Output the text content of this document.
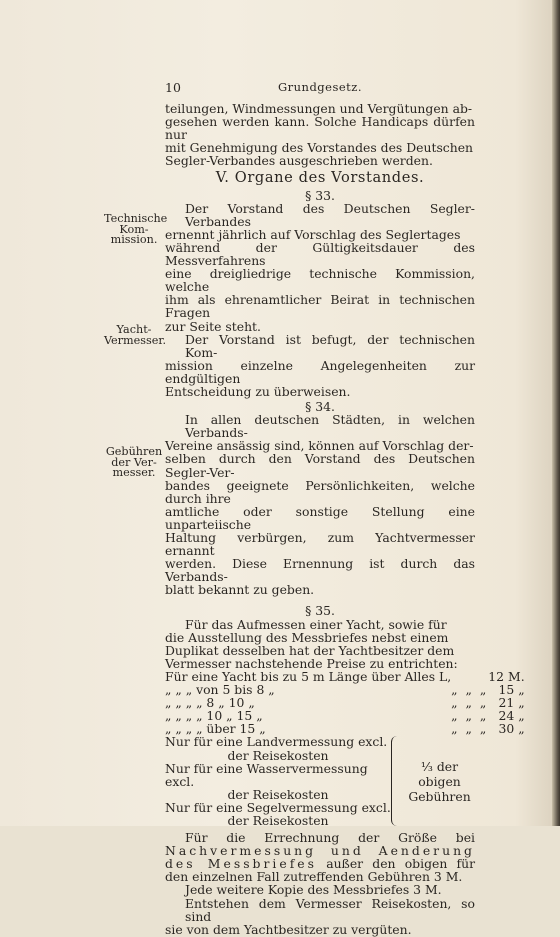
10	Grundgesetz.
Technische
Kom-
mission.
Yacht-
Vermesser.
Gebühren
der Ver-
messer.
teilungen, Windmessungen und Vergütungen ab-
gesehen werden kann. Solche Handicaps dürfen nur
mit Genehmigung des Vorstandes des Deutschen
Segler-Verbandes ausgeschrieben werden.
V. Organe des Vorstandes.
§ 33.
Der Vorstand des Deutschen Segler-Verbandes
ernennt jährlich auf Vorschlag des Seglertages
während der Gültigkeitsdauer des Messverfahrens
eine dreigliedrige technische Kommission, welche
ihm als ehrenamtlicher Beirat in technischen Fragen
zur Seite steht.
Der Vorstand ist befugt, der technischen Kom-
mission einzelne Angelegenheiten zur endgültigen
Entscheidung zu überweisen.
§ 34.
In allen deutschen Städten, in welchen Verbands-
Vereine ansässig sind, können auf Vorschlag der-
selben durch den Vorstand des Deutschen Segler-Ver-
bandes geeignete Persönlichkeiten, welche durch ihre
amtliche oder sonstige Stellung eine unparteiische
Haltung verbürgen, zum Yachtvermesser ernannt
werden. Diese Ernennung ist durch das Verbands-
blatt bekannt zu geben.
§ 35.
Für das Aufmessen einer Yacht, sowie für
die Ausstellung des Messbriefes nebst einem
Duplikat desselben hat der Yachtbesitzer dem
Vermesser nachstehende Preise zu entrichten:
Für eine Yacht bis zu 5 m Länge über Alles L,		12 M.
„ „ „ von 5 bis 8 „	„ „ „	15 „
„ „ „ „ 8 „ 10 „	„ „ „	21 „
„ „ „ „ 10 „ 15 „	„ „ „	24 „
„ „ „ „ über 15 „	„ „ „	30 „
Nur für eine Landvermessung excl.
der Reisekosten
Nur für eine Wasservermessung excl.
der Reisekosten
Nur für eine Segelvermessung excl.
der Reisekosten
⅓ der obigen
Gebühren
Für die Errechnung der Größe bei Nachvermessung und Aenderung des Messbriefes außer den obigen für den einzelnen Fall zutreffenden Gebühren 3 M.
Jede weitere Kopie des Messbriefes 3 M.
Entstehen dem Vermesser Reisekosten, so sind
sie von dem Yachtbesitzer zu vergüten.
